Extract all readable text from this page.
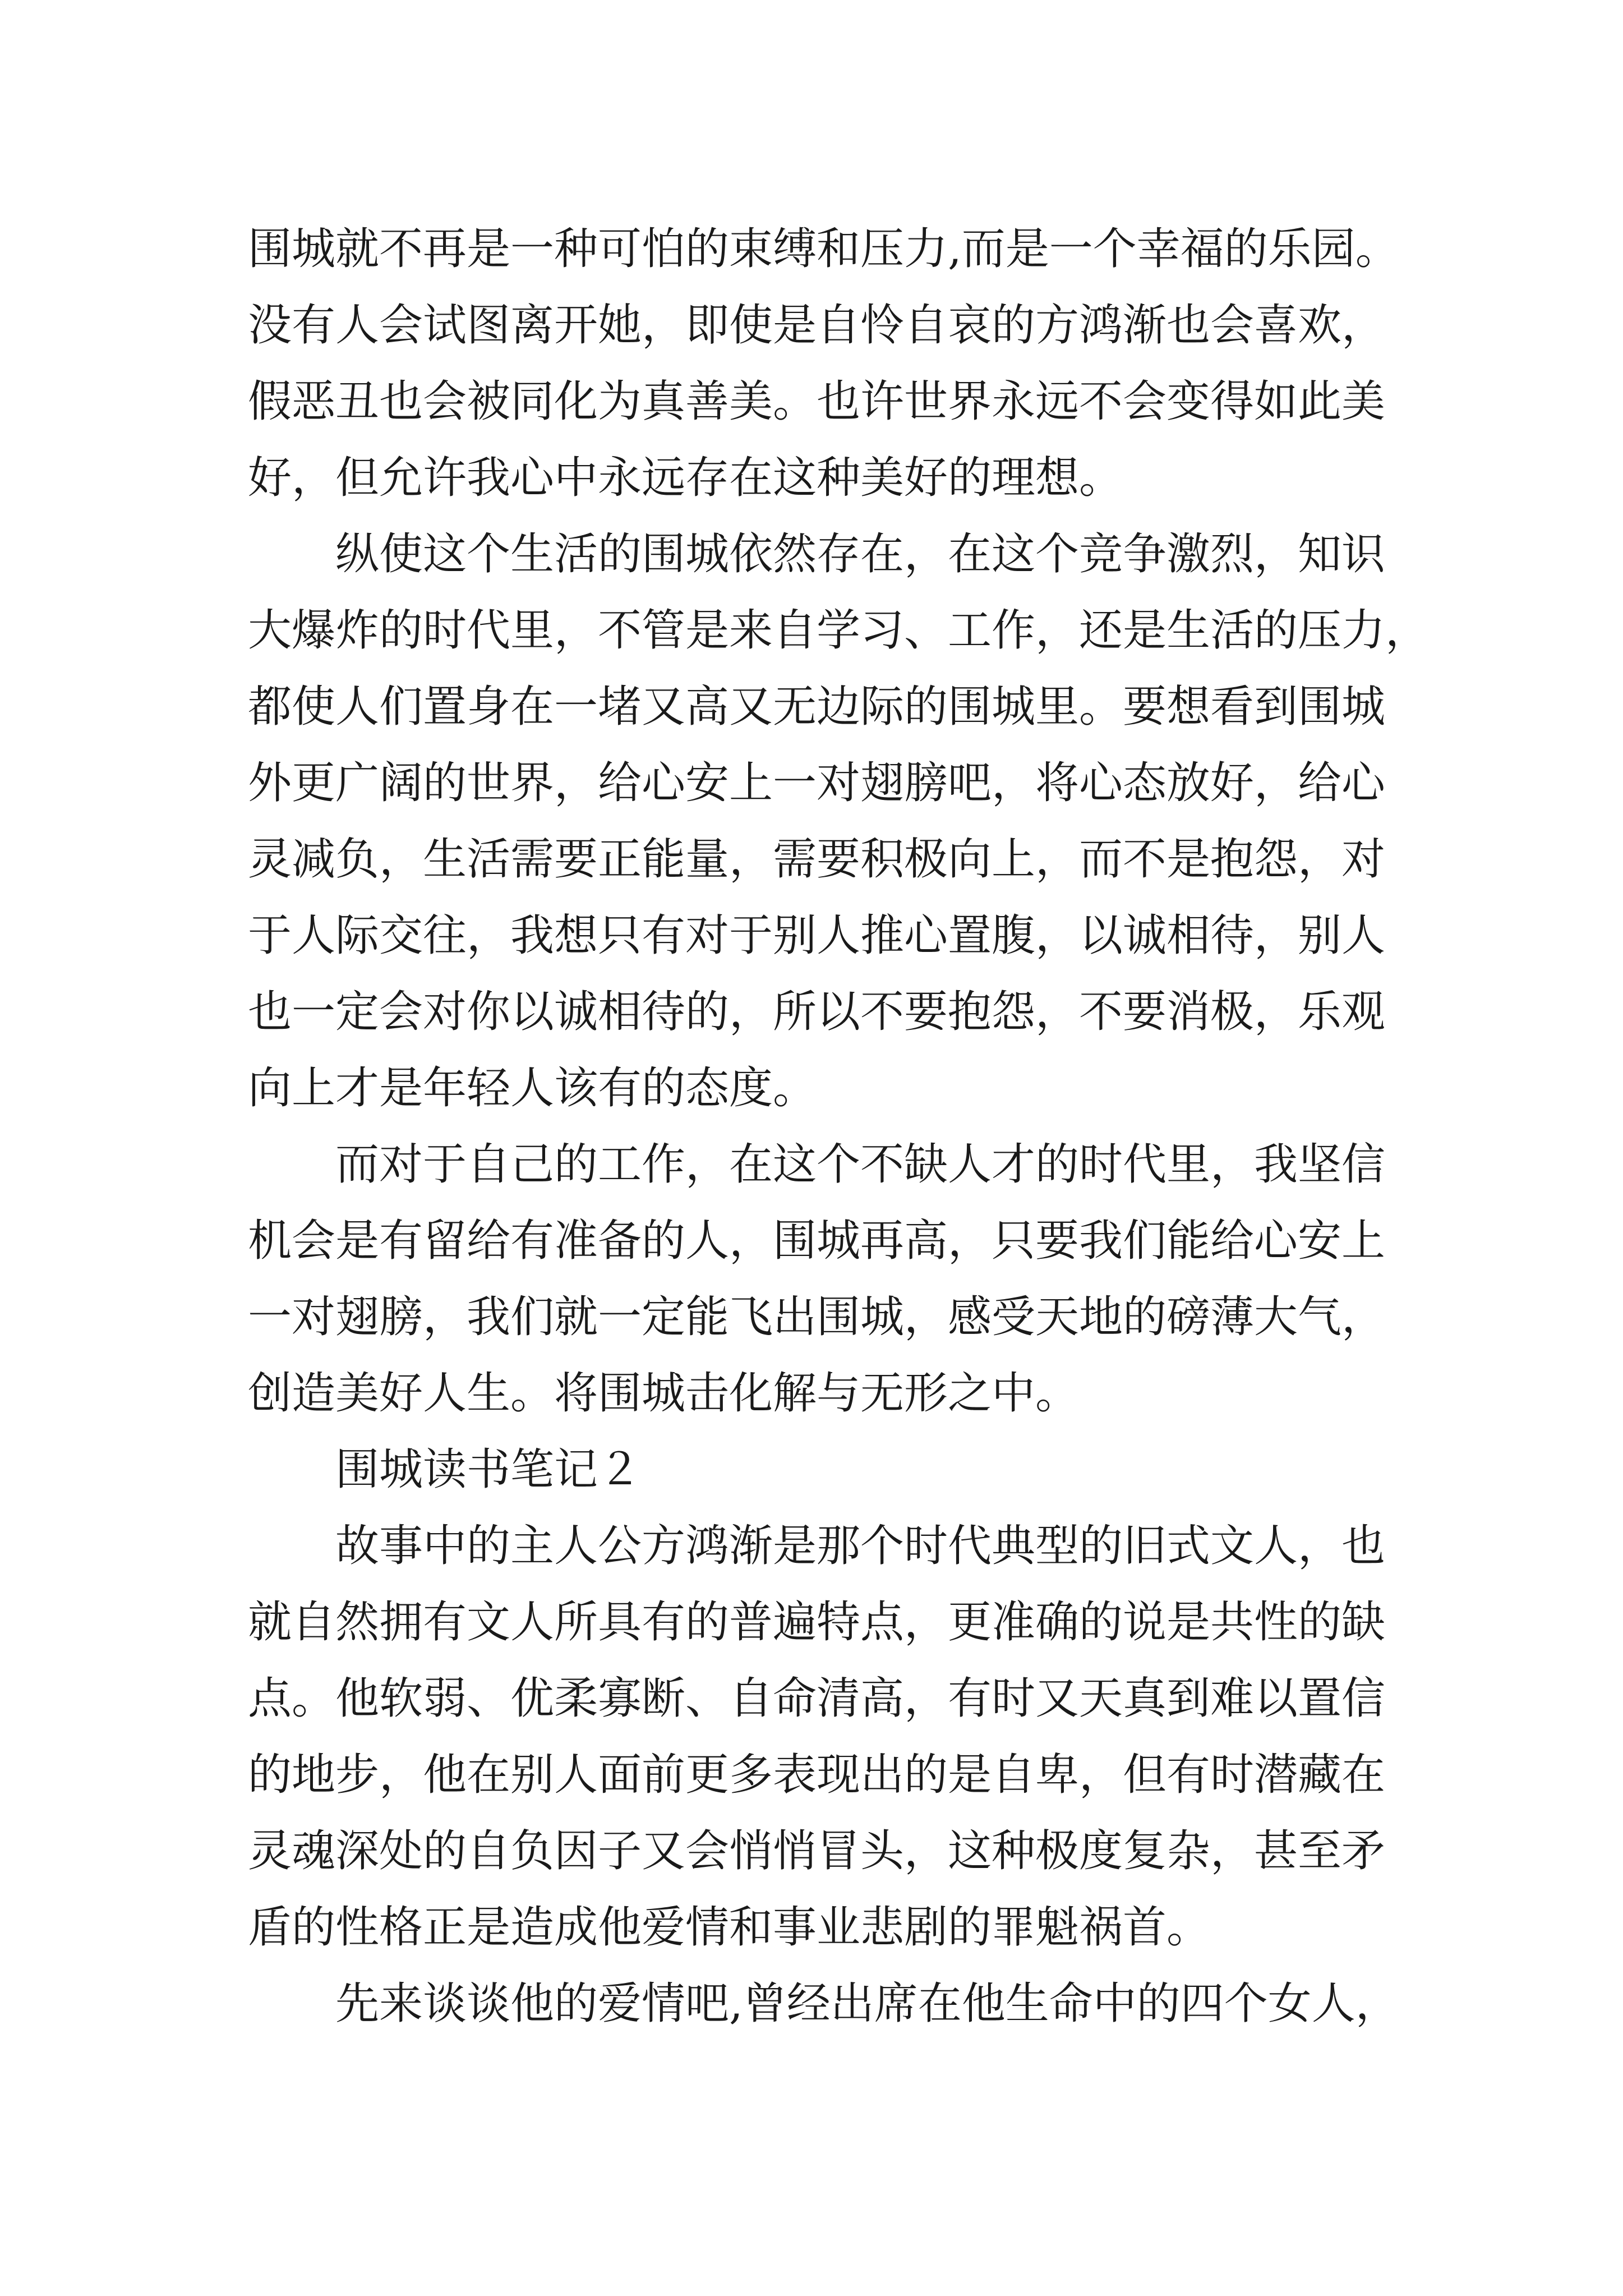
围城就不再是一种可怕的束缚和压力,而是一个幸福的乐园。
没有人会试图离开她，即使是自怜自哀的方鸿渐也会喜欢，
假恶丑也会被同化为真善美。也许世界永远不会变得如此美
好，但允许我心中永远存在这种美好的理想。
纵使这个生活的围城依然存在，在这个竞争激烈，知识
大爆炸的时代里，不管是来自学习、工作，还是生活的压力，
都使人们置身在一堵又高又无边际的围城里。要想看到围城
外更广阔的世界，给心安上一对翅膀吧，将心态放好，给心
灵减负，生活需要正能量，需要积极向上，而不是抱怨，对
于人际交往，我想只有对于别人推心置腹，以诚相待，别人
也一定会对你以诚相待的，所以不要抱怨，不要消极，乐观
向上才是年轻人该有的态度。
而对于自己的工作，在这个不缺人才的时代里，我坚信
机会是有留给有准备的人，围城再高，只要我们能给心安上
一对翅膀，我们就一定能飞出围城，感受天地的磅薄大气，
创造美好人生。将围城击化解与无形之中。
围城读书笔记２
故事中的主人公方鸿渐是那个时代典型的旧式文人，也
就自然拥有文人所具有的普遍特点，更准确的说是共性的缺
点。他软弱、优柔寡断、自命清高，有时又天真到难以置信
的地步，他在别人面前更多表现出的是自卑，但有时潜藏在
灵魂深处的自负因子又会悄悄冒头，这种极度复杂，甚至矛
盾的性格正是造成他爱情和事业悲剧的罪魁祸首。
先来谈谈他的爱情吧,曾经出席在他生命中的四个女人，
